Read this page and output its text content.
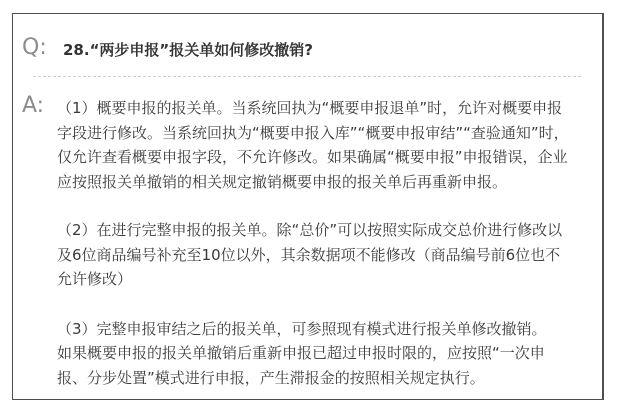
Q: 28.“两步申报”报关单如何修改撤销?
A: （1）概要申报的报关单。当系统回执为“概要申报退单”时，允许对概要申报
字段进行修改。当系统回执为“概要申报入库”“概要申报审结”“查验通知”时，
仅允许查看概要申报字段，不允许修改。如果确属“概要申报”申报错误，企业
应按照报关单撤销的相关规定撤销概要申报的报关单后再重新申报。

（2）在进行完整申报的报关单。除“总价”可以按照实际成交总价进行修改以
及6位商品编号补充至10位以外，其余数据项不能修改（商品编号前6位也不
允许修改）

（3）完整申报审结之后的报关单，可参照现有模式进行报关单修改撤销。
如果概要申报的报关单撤销后重新申报已超过申报时限的，应按照“一次申
报、分步处置”模式进行申报，产生滞报金的按照相关规定执行。
